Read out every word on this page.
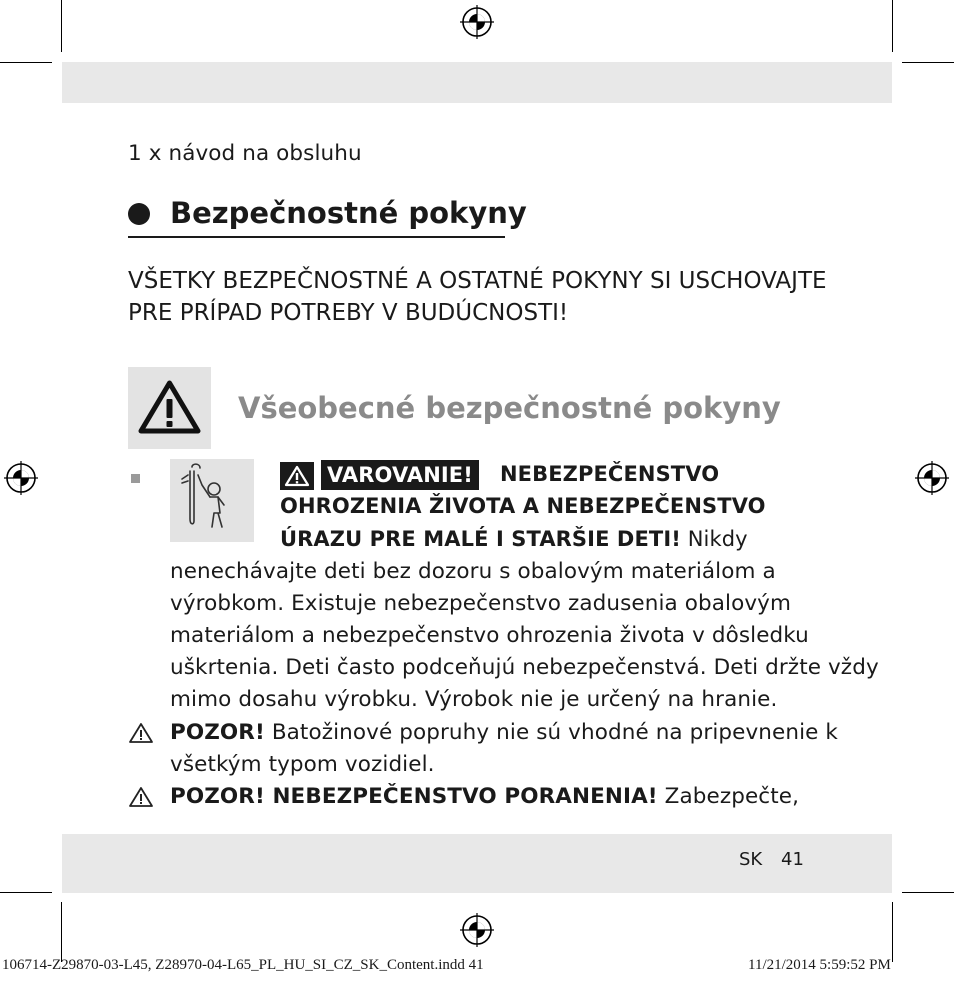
1 x návod na obsluhu
Bezpečnostné pokyny
VŠETKY BEZPEČNOSTNÉ A OSTATNÉ POKYNY SI USCHOVAJTE
PRE PRÍPAD POTREBY V BUDÚCNOSTI!
Všeobecné bezpečnostné pokyny
VAROVANIE! NEBEZPEČENSTVO
OHROZENIA ŽIVOTA A NEBEZPEČENSTVO
ÚRAZU PRE MALÉ I STARŠIE DETI! Nikdy
nenechávajte deti bez dozoru s obalovým materiálom a
výrobkom. Existuje nebezpečenstvo zadusenia obalovým
materiálom a nebezpečenstvo ohrozenia života v dôsledku
uškrtenia. Deti často podceňujú nebezpečenstvá. Deti držte vždy
mimo dosahu výrobku. Výrobok nie je určený na hranie.
POZOR! Batožinové popruhy nie sú vhodné na pripevnenie k
všetkým typom vozidiel.
POZOR! NEBEZPEČENSTVO PORANENIA! Zabezpečte,
SK 41
106714-Z29870-03-L45, Z28970-04-L65_PL_HU_SI_CZ_SK_Content.indd 41	11/21/2014 5:59:52 PM
